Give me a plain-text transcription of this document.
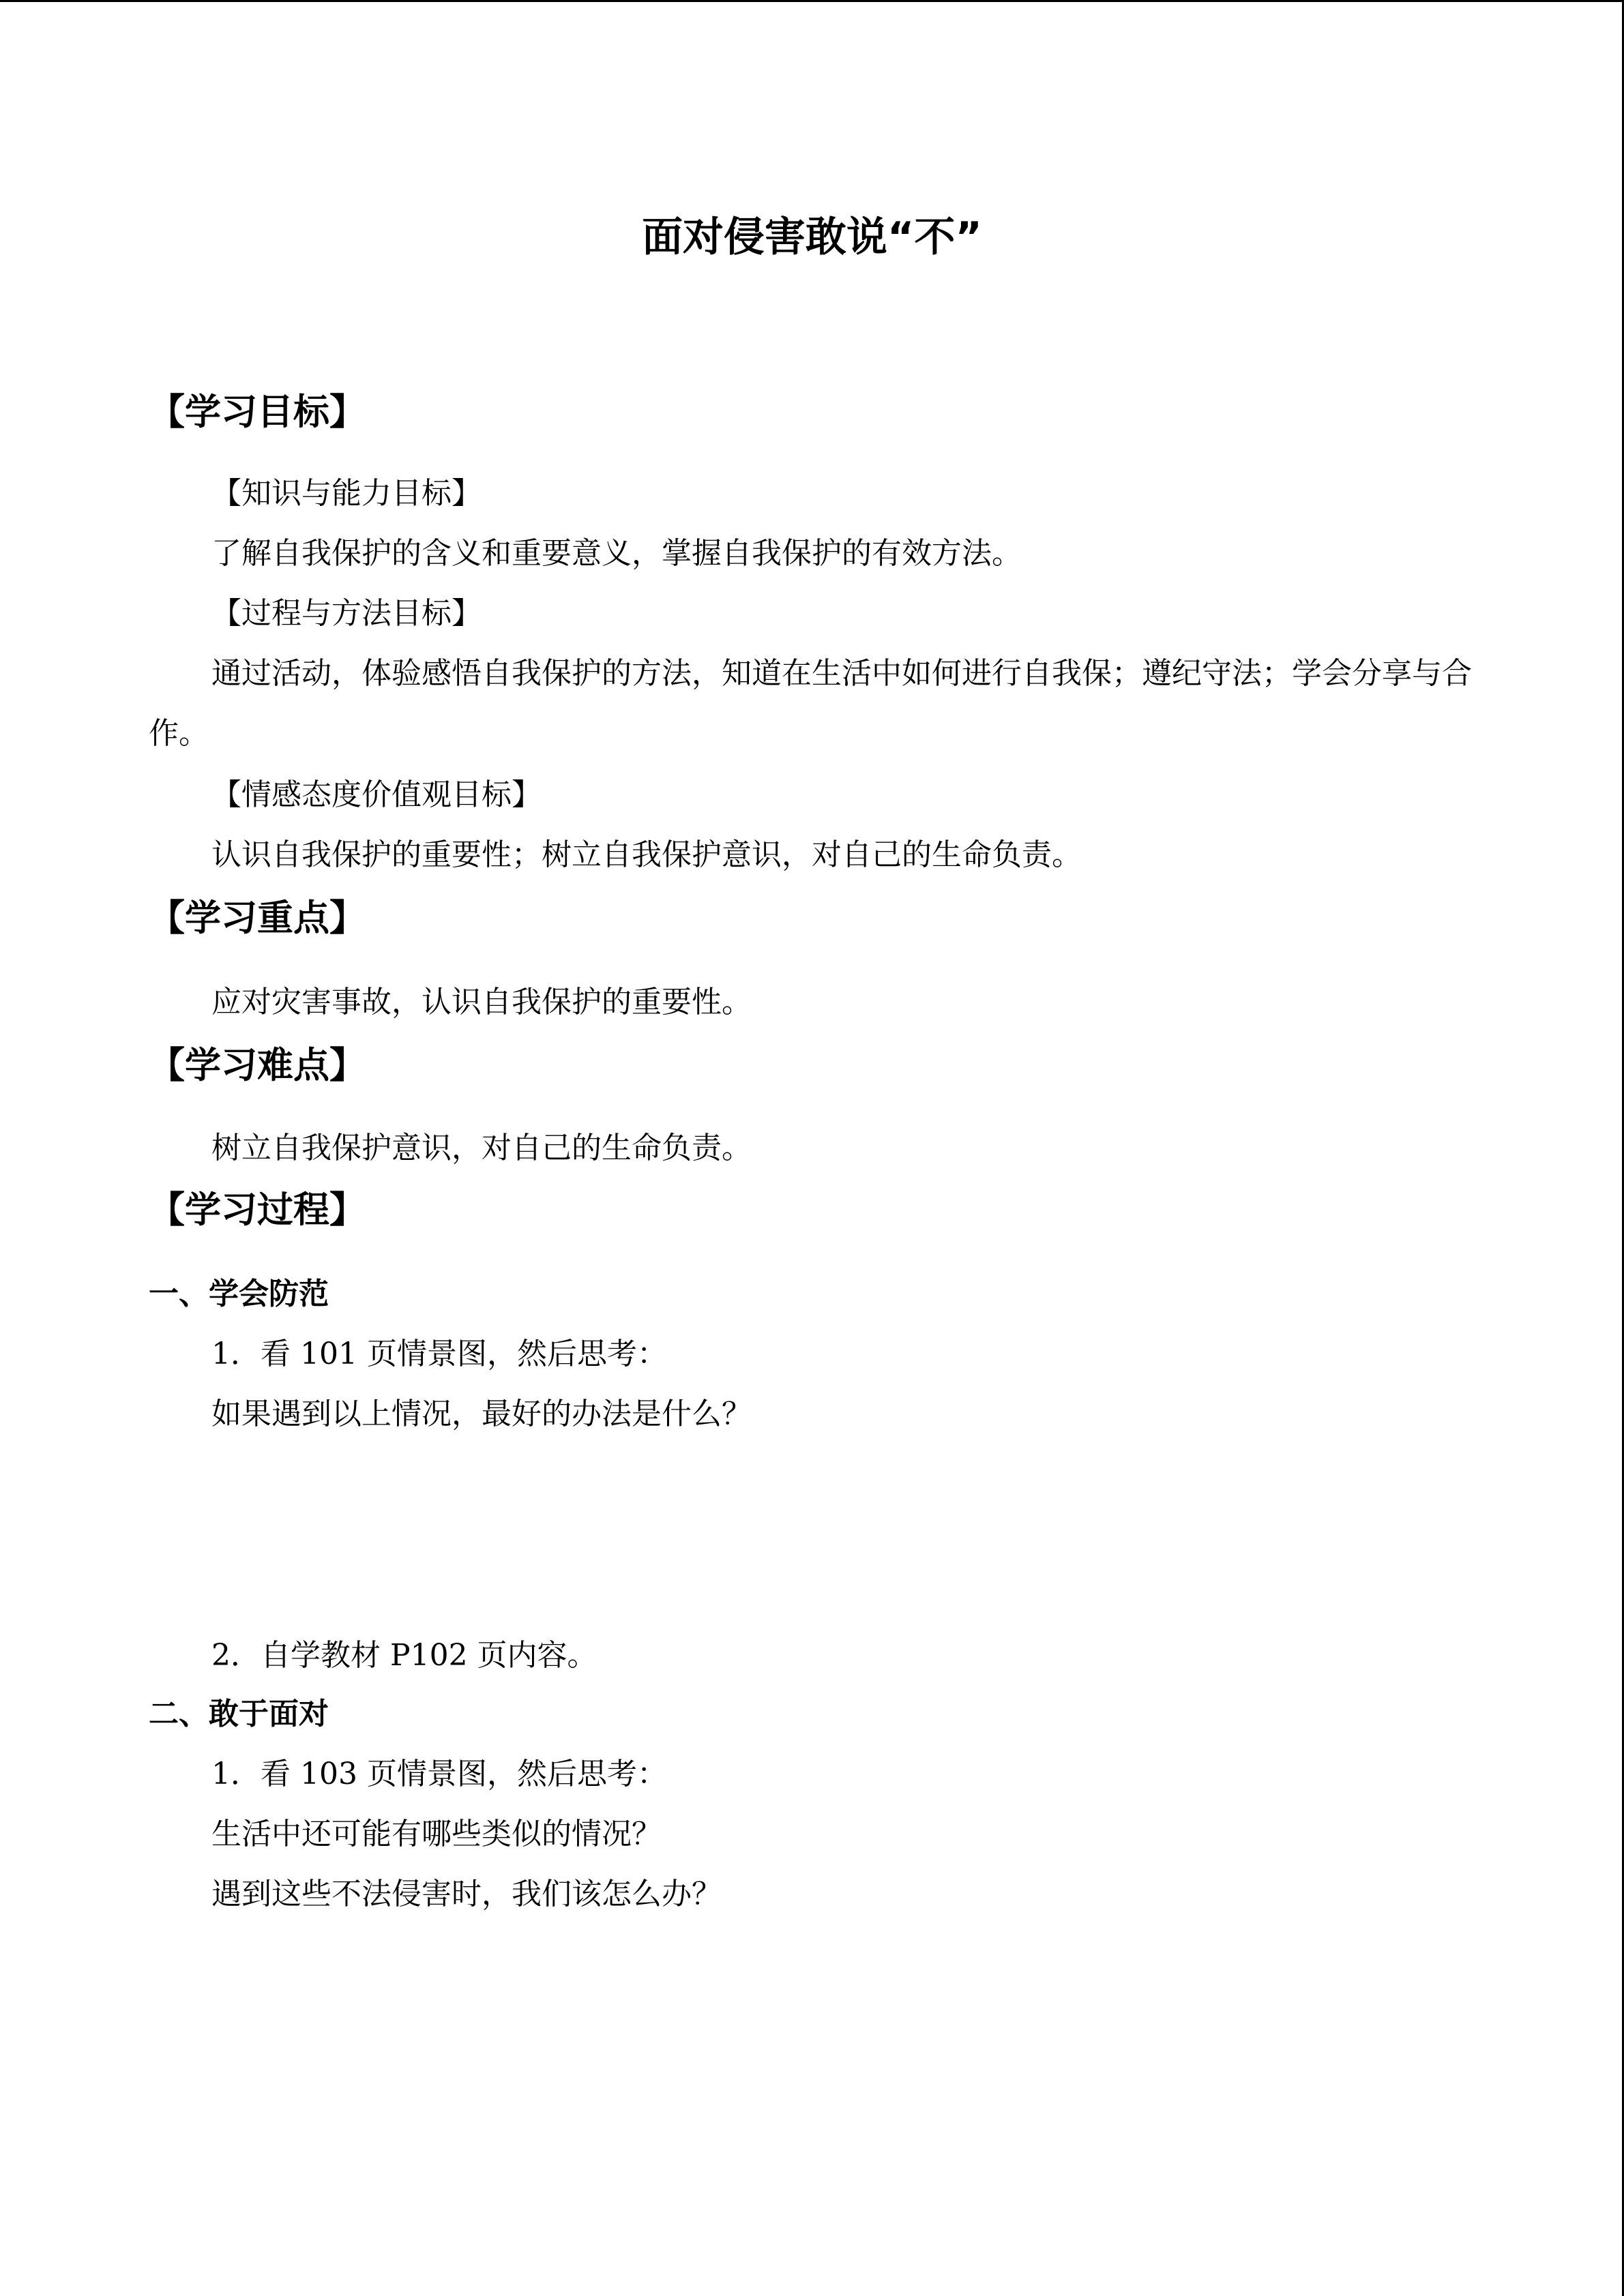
面对侵害敢说“不”
【学习目标】
【知识与能力目标】
了解自我保护的含义和重要意义，掌握自我保护的有效方法。
【过程与方法目标】
通过活动，体验感悟自我保护的方法，知道在生活中如何进行自我保；遵纪守法；学会分享与合作。
【情感态度价值观目标】
认识自我保护的重要性；树立自我保护意识，对自己的生命负责。
【学习重点】
应对灾害事故，认识自我保护的重要性。
【学习难点】
树立自我保护意识，对自己的生命负责。
【学习过程】
一、学会防范
1．看 101 页情景图，然后思考：
如果遇到以上情况，最好的办法是什么？
2．自学教材 P102 页内容。
二、敢于面对
1．看 103 页情景图，然后思考：
生活中还可能有哪些类似的情况？
遇到这些不法侵害时，我们该怎么办？
